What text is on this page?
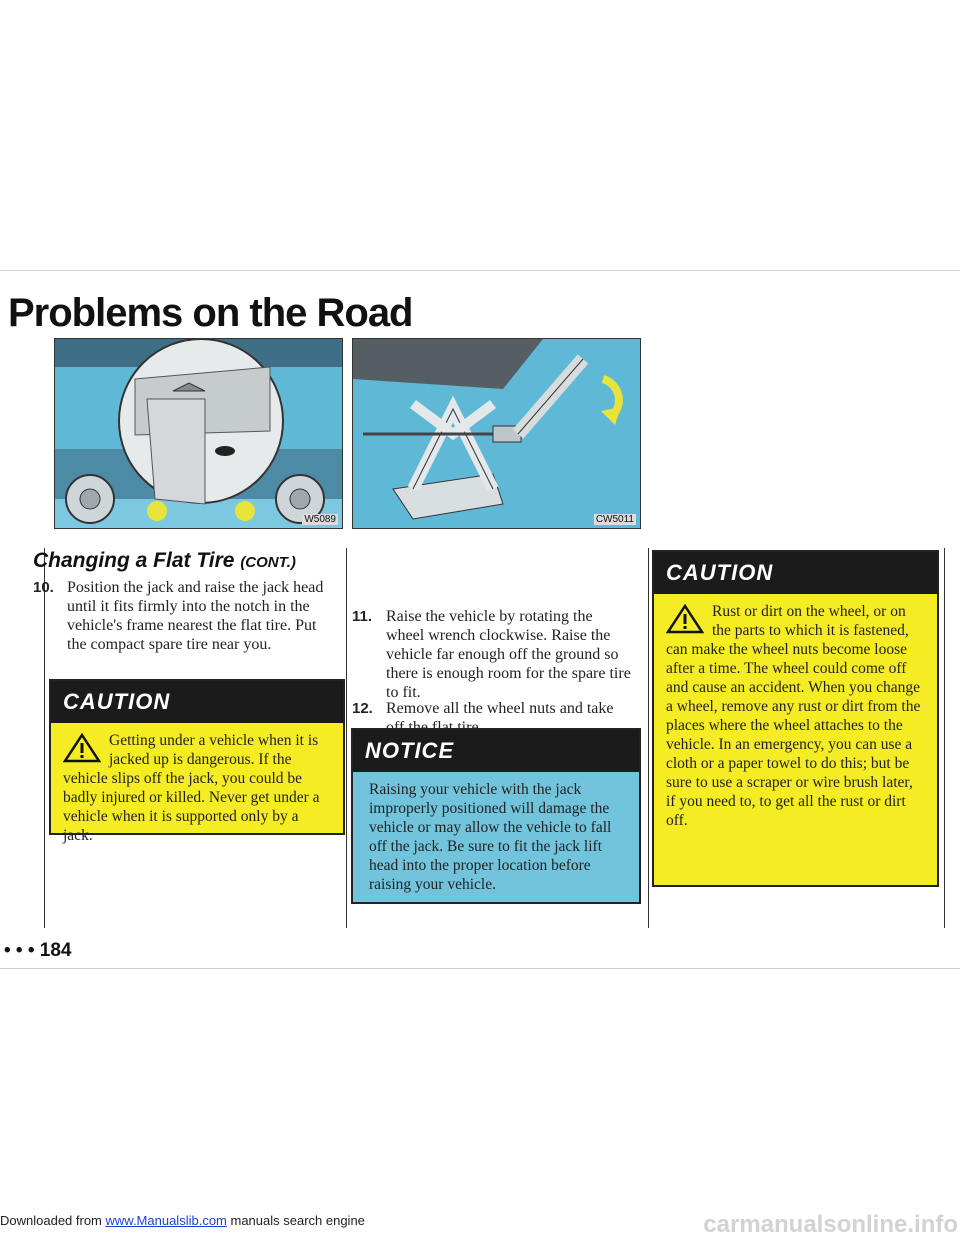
Problems on the Road
W5089	CW5011
Changing a Flat Tire (CONT.)
10. Position the jack and raise the jack head until it fits firmly into the notch in the vehicle's frame nearest the flat tire. Put the compact spare tire near you.
CAUTION
Getting under a vehicle when it is jacked up is dangerous. If the vehicle slips off the jack, you could be badly injured or killed. Never get under a vehicle when it is supported only by a jack.
11. Raise the vehicle by rotating the wheel wrench clockwise. Raise the vehicle far enough off the ground so there is enough room for the spare tire to fit.
12. Remove all the wheel nuts and take
NOTICE
Raising your vehicle with the jack improperly positioned will damage the vehicle or may allow the vehicle to fall off the jack. Be sure to fit the jack lift head into the proper location before raising your vehicle.
CAUTION
Rust or dirt on the wheel, or on the parts to which it is fastened, can make the wheel nuts become loose after a time. The wheel could come off and cause an accident. When you change a wheel, remove any rust or dirt from the places where the wheel attaches to the vehicle. In an emergency, you can use a cloth or a paper towel to do this; but be sure to use a scraper or wire brush later, if you need to, to get all the rust or dirt off.
• • • 184
Downloaded from www.Manualslib.com manuals search engine	carmanualsonline.info
